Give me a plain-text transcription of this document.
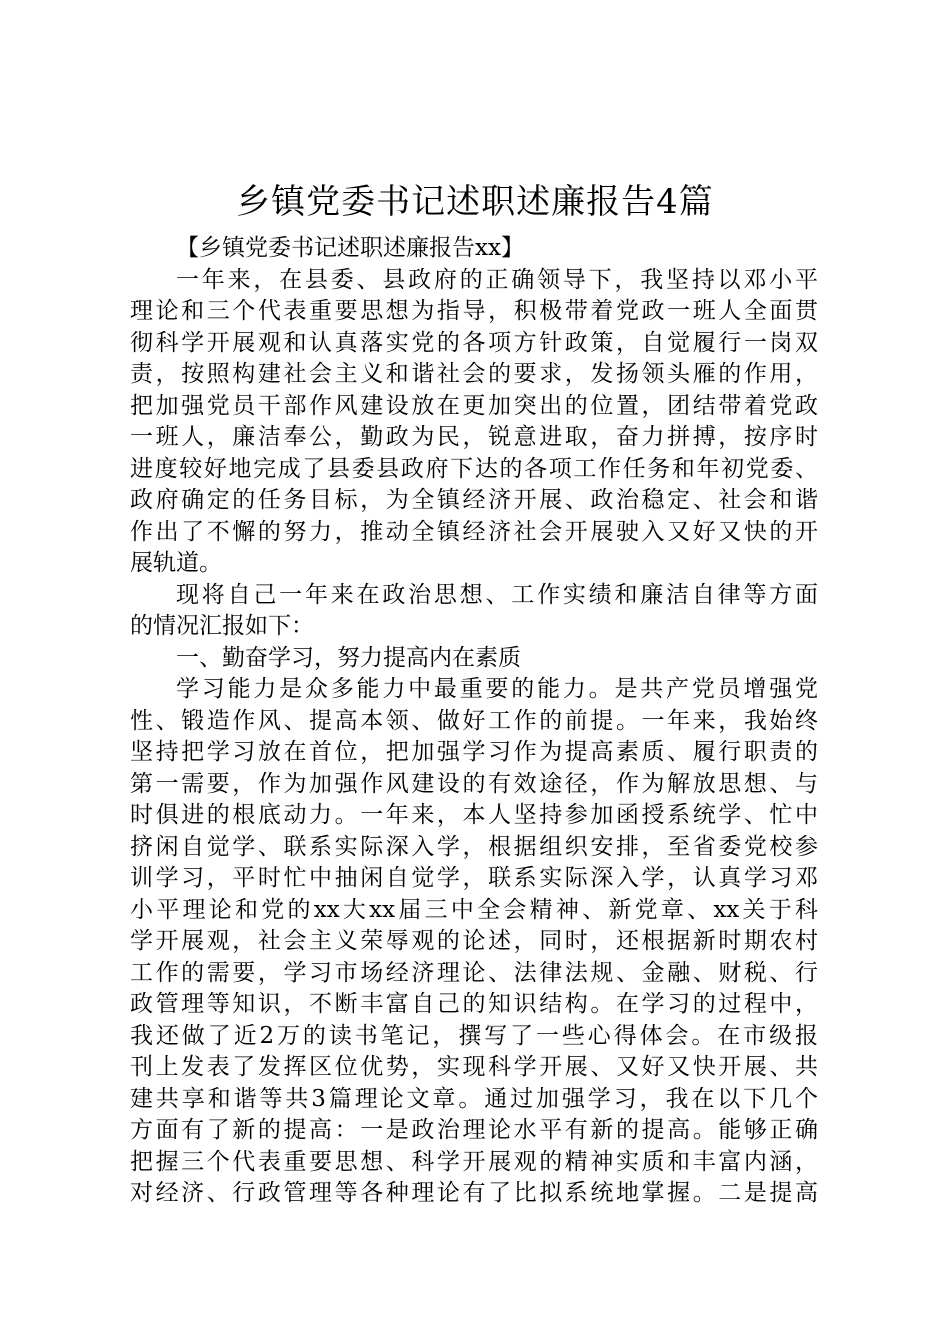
乡镇党委书记述职述廉报告4篇
【乡镇党委书记述职述廉报告xx】
一年来，在县委、县政府的正确领导下，我坚持以邓小平
理论和三个代表重要思想为指导，积极带着党政一班人全面贯
彻科学开展观和认真落实党的各项方针政策，自觉履行一岗双
责，按照构建社会主义和谐社会的要求，发扬领头雁的作用，
把加强党员干部作风建设放在更加突出的位置，团结带着党政
一班人，廉洁奉公，勤政为民，锐意进取，奋力拼搏，按序时
进度较好地完成了县委县政府下达的各项工作任务和年初党委、
政府确定的任务目标，为全镇经济开展、政治稳定、社会和谐
作出了不懈的努力，推动全镇经济社会开展驶入又好又快的开
展轨道。
现将自己一年来在政治思想、工作实绩和廉洁自律等方面
的情况汇报如下：
一、勤奋学习，努力提高内在素质
学习能力是众多能力中最重要的能力。是共产党员增强党
性、锻造作风、提高本领、做好工作的前提。一年来，我始终
坚持把学习放在首位，把加强学习作为提高素质、履行职责的
第一需要，作为加强作风建设的有效途径，作为解放思想、与
时俱进的根底动力。一年来，本人坚持参加函授系统学、忙中
挤闲自觉学、联系实际深入学，根据组织安排，至省委党校参
训学习，平时忙中抽闲自觉学，联系实际深入学，认真学习邓
小平理论和党的xx大xx届三中全会精神、新党章、xx关于科
学开展观，社会主义荣辱观的论述，同时，还根据新时期农村
工作的需要，学习市场经济理论、法律法规、金融、财税、行
政管理等知识，不断丰富自己的知识结构。在学习的过程中，
我还做了近2万的读书笔记，撰写了一些心得体会。在市级报
刊上发表了发挥区位优势，实现科学开展、又好又快开展、共
建共享和谐等共3篇理论文章。通过加强学习，我在以下几个
方面有了新的提高：一是政治理论水平有新的提高。能够正确
把握三个代表重要思想、科学开展观的精神实质和丰富内涵，
对经济、行政管理等各种理论有了比拟系统地掌握。二是提高
